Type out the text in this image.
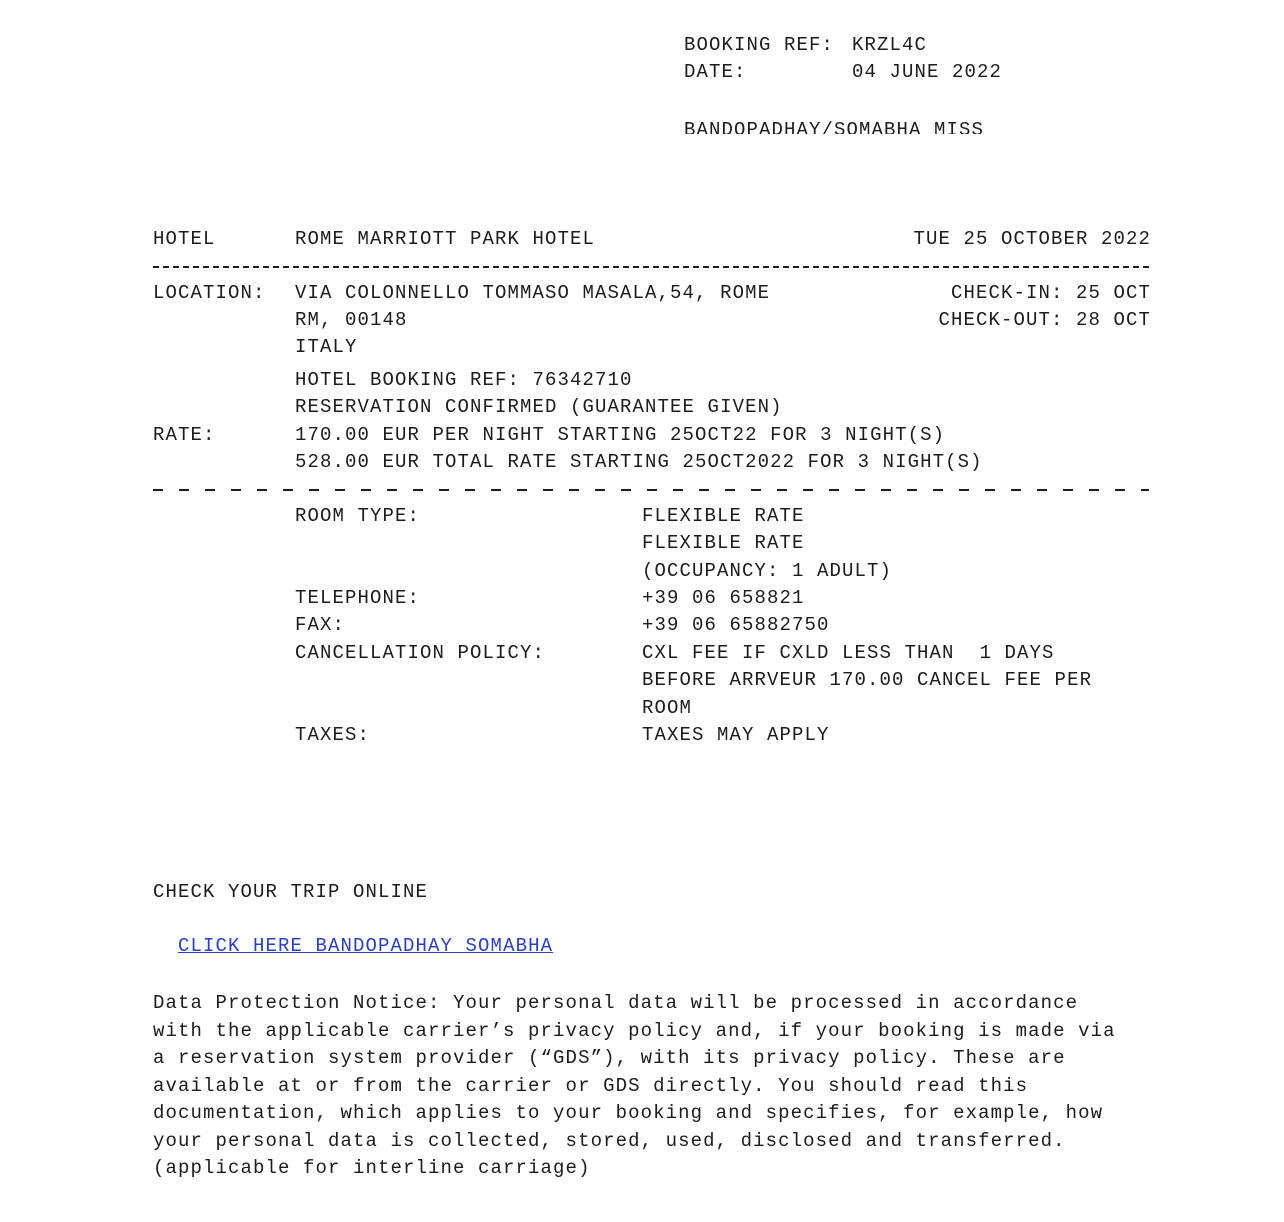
BOOKING REF: KRZL4C

DATE:	04 JUNE 2022

BANDOPADHAY/SOMABHA MISS

HOTEL	ROME MARRIOTT PARK HOTEL	TUE 25 OCTOBER 2022

LOCATION: VIA COLONNELLO TOMMASO MASALA,54, ROME

RM, 00148

ITALY

CHECK-IN: 25 OCT

CHECK-OUT: 28 OCT

HOTEL BOOKING REF: 76342710

RESERVATION CONFIRMED (GUARANTEE GIVEN)

RATE:	170.00 EUR PER NIGHT STARTING 25OCT22 FOR 3 NIGHT(S)

528.00 EUR TOTAL RATE STARTING 25OCT2022 FOR 3 NIGHT(S)

ROOM TYPE:	FLEXIBLE RATE

FLEXIBLE RATE

(OCCUPANCY: 1 ADULT)

TELEPHONE:	+39 06 658821

FAX:	+39 06 65882750

CANCELLATION POLICY:	CXL FEE IF CXLD LESS THAN  1 DAYS

BEFORE ARRVEUR 170.00 CANCEL FEE PER

ROOM

TAXES:	TAXES MAY APPLY

CHECK YOUR TRIP ONLINE

CLICK HERE BANDOPADHAY SOMABHA

Data Protection Notice: Your personal data will be processed in accordance
with the applicable carrier’s privacy policy and, if your booking is made via
a reservation system provider (“GDS”), with its privacy policy. These are
available at or from the carrier or GDS directly. You should read this
documentation, which applies to your booking and specifies, for example, how
your personal data is collected, stored, used, disclosed and transferred.
(applicable for interline carriage)
